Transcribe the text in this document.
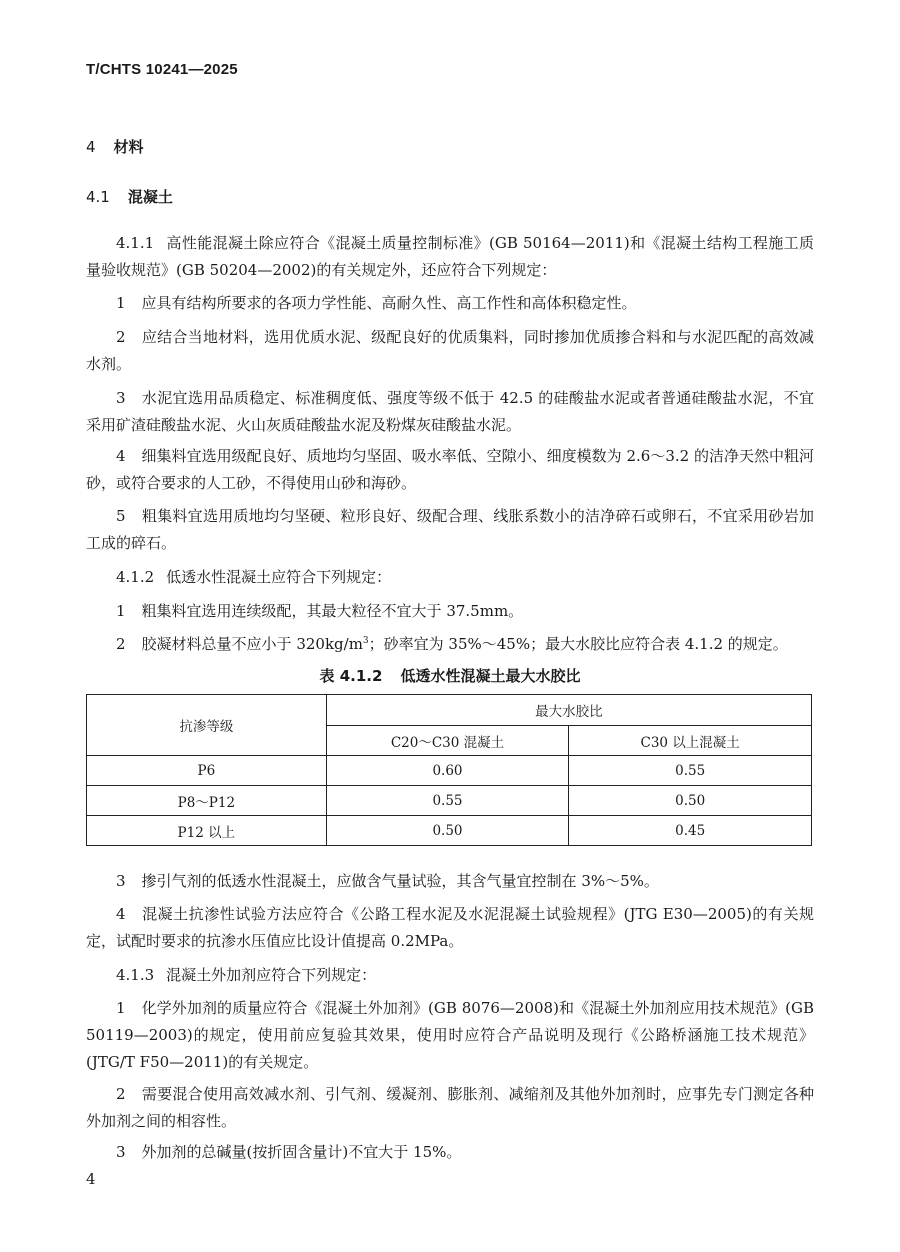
T/CHTS 10241—2025
4 材料
4.1 混凝土
4.1.1 高性能混凝土除应符合《混凝土质量控制标准》(GB 50164—2011)和《混凝土结构工程施工质量验收规范》(GB 50204—2002)的有关规定外，还应符合下列规定：
1 应具有结构所要求的各项力学性能、高耐久性、高工作性和高体积稳定性。
2 应结合当地材料，选用优质水泥、级配良好的优质集料，同时掺加优质掺合料和与水泥匹配的高效减水剂。
3 水泥宜选用品质稳定、标准稠度低、强度等级不低于 42.5 的硅酸盐水泥或者普通硅酸盐水泥，不宜采用矿渣硅酸盐水泥、火山灰质硅酸盐水泥及粉煤灰硅酸盐水泥。
4 细集料宜选用级配良好、质地均匀坚固、吸水率低、空隙小、细度模数为 2.6～3.2 的洁净天然中粗河砂，或符合要求的人工砂，不得使用山砂和海砂。
5 粗集料宜选用质地均匀坚硬、粒形良好、级配合理、线胀系数小的洁净碎石或卵石，不宜采用砂岩加工成的碎石。
4.1.2 低透水性混凝土应符合下列规定：
1 粗集料宜选用连续级配，其最大粒径不宜大于 37.5mm。
2 胶凝材料总量不应小于 $320kg/m^3$；砂率宜为 35%～45%；最大水胶比应符合表 4.1.2 的规定。
表 4.1.2 低透水性混凝土最大水胶比
抗渗等级	最大水胶比	
	C20～C30 混凝土	C30 以上混凝土
P6	0.60	0.55
P8～P12	0.55	0.50
P12 以上	0.50	0.45
3 掺引气剂的低透水性混凝土，应做含气量试验，其含气量宜控制在 3%～5%。
4 混凝土抗渗性试验方法应符合《公路工程水泥及水泥混凝土试验规程》(JTG E30—2005)的有关规定，试配时要求的抗渗水压值应比设计值提高 0.2MPa。
4.1.3 混凝土外加剂应符合下列规定：
1 化学外加剂的质量应符合《混凝土外加剂》(GB 8076—2008)和《混凝土外加剂应用技术规范》(GB 50119—2003)的规定，使用前应复验其效果，使用时应符合产品说明及现行《公路桥涵施工技术规范》(JTG/T F50—2011)的有关规定。
2 需要混合使用高效减水剂、引气剂、缓凝剂、膨胀剂、减缩剂及其他外加剂时，应事先专门测定各种外加剂之间的相容性。
3 外加剂的总碱量(按折固含量计)不宜大于 15%。
4
